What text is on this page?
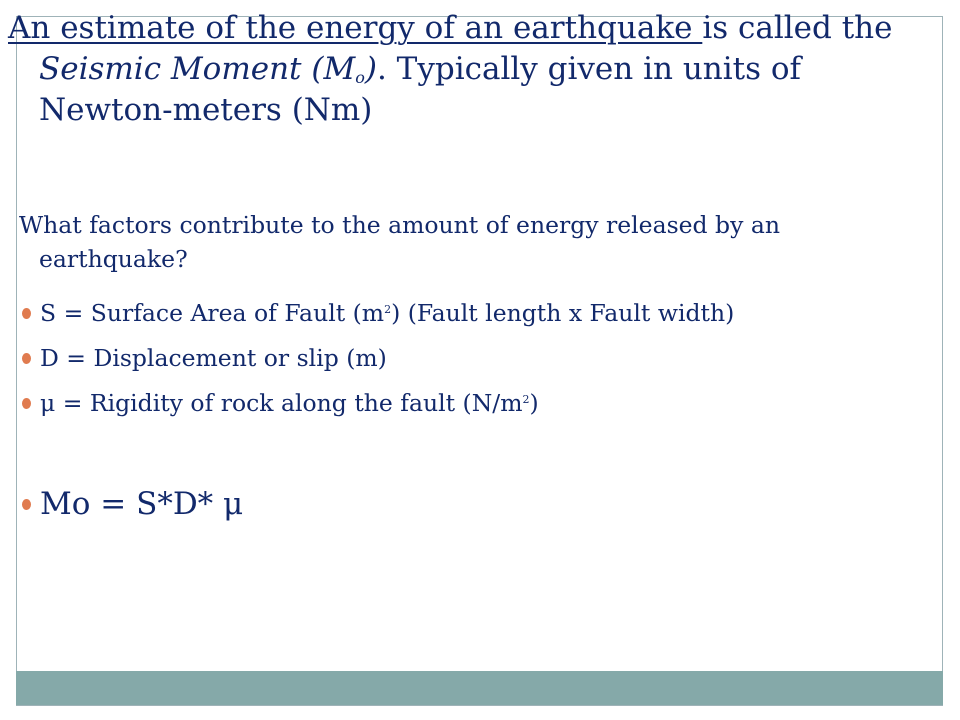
An estimate of the energy of an earthquake is called the
Seismic Moment $(M_o)$. Typically given in units of
Newton-meters (Nm)
What factors contribute to the amount of energy released by an
earthquake?
S = Surface Area of Fault $(m^2)$ (Fault length x Fault width)
D = Displacement or slip (m)
μ = Rigidity of rock along the fault $(N/m^2)$
Mo = S*D* μ
